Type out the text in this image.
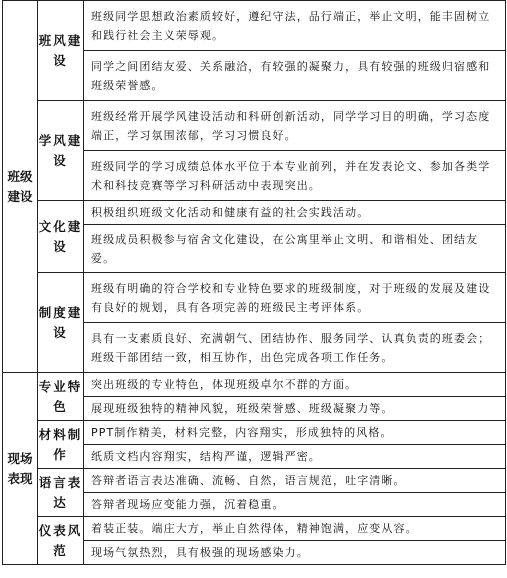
班级建设	班风建设	班级同学思想政治素质较好，遵纪守法，品行端正，举止文明，能丰固树立和践行社会主义荣辱观。
		同学之间团结友爱、关系融洽，有较强的凝聚力，具有较强的班级归宿感和班级荣誉感。
	学风建设	班级经常开展学风建设活动和科研创新活动，同学学习目的明确，学习态度端正，学习氛围浓郁，学习习惯良好。
		班级同学的学习成绩总体水平位于本专业前列，并在发表论文、参加各类学术和科技竞赛等学习科研活动中表现突出。
	文化建设	积极组织班级文化活动和健康有益的社会实践活动。
		班级成员积极参与宿舍文化建设，在公寓里举止文明、和谐相处、团结友爱。
	制度建设	班级有明确的符合学校和专业特色要求的班级制度，对于班级的发展及建设有良好的规划，具有各项完善的班级民主考评体系。
		具有一支素质良好、充满朝气、团结协作、服务同学、认真负责的班委会；班级干部团结一致，相互协作，出色完成各项工作任务。
现场表现	专业特色	突出班级的专业特色，体现班级卓尔不群的方面。
		展现班级独特的精神风貌，班级荣誉感、班级凝聚力等。
	材料制作	PPT制作精美，材料完整，内容翔实，形成独特的风格。
		纸质文档内容翔实，结构严谨，逻辑严密。
	语言表达	答辩者语言表达准确、流畅、自然，语言规范，吐字清晰。
		答辩者现场应变能力强，沉着稳重。
	仪表风范	着装正装。端庄大方，举止自然得体，精神饱满，应变从容。
		现场气氛热烈，具有极强的现场感染力。
